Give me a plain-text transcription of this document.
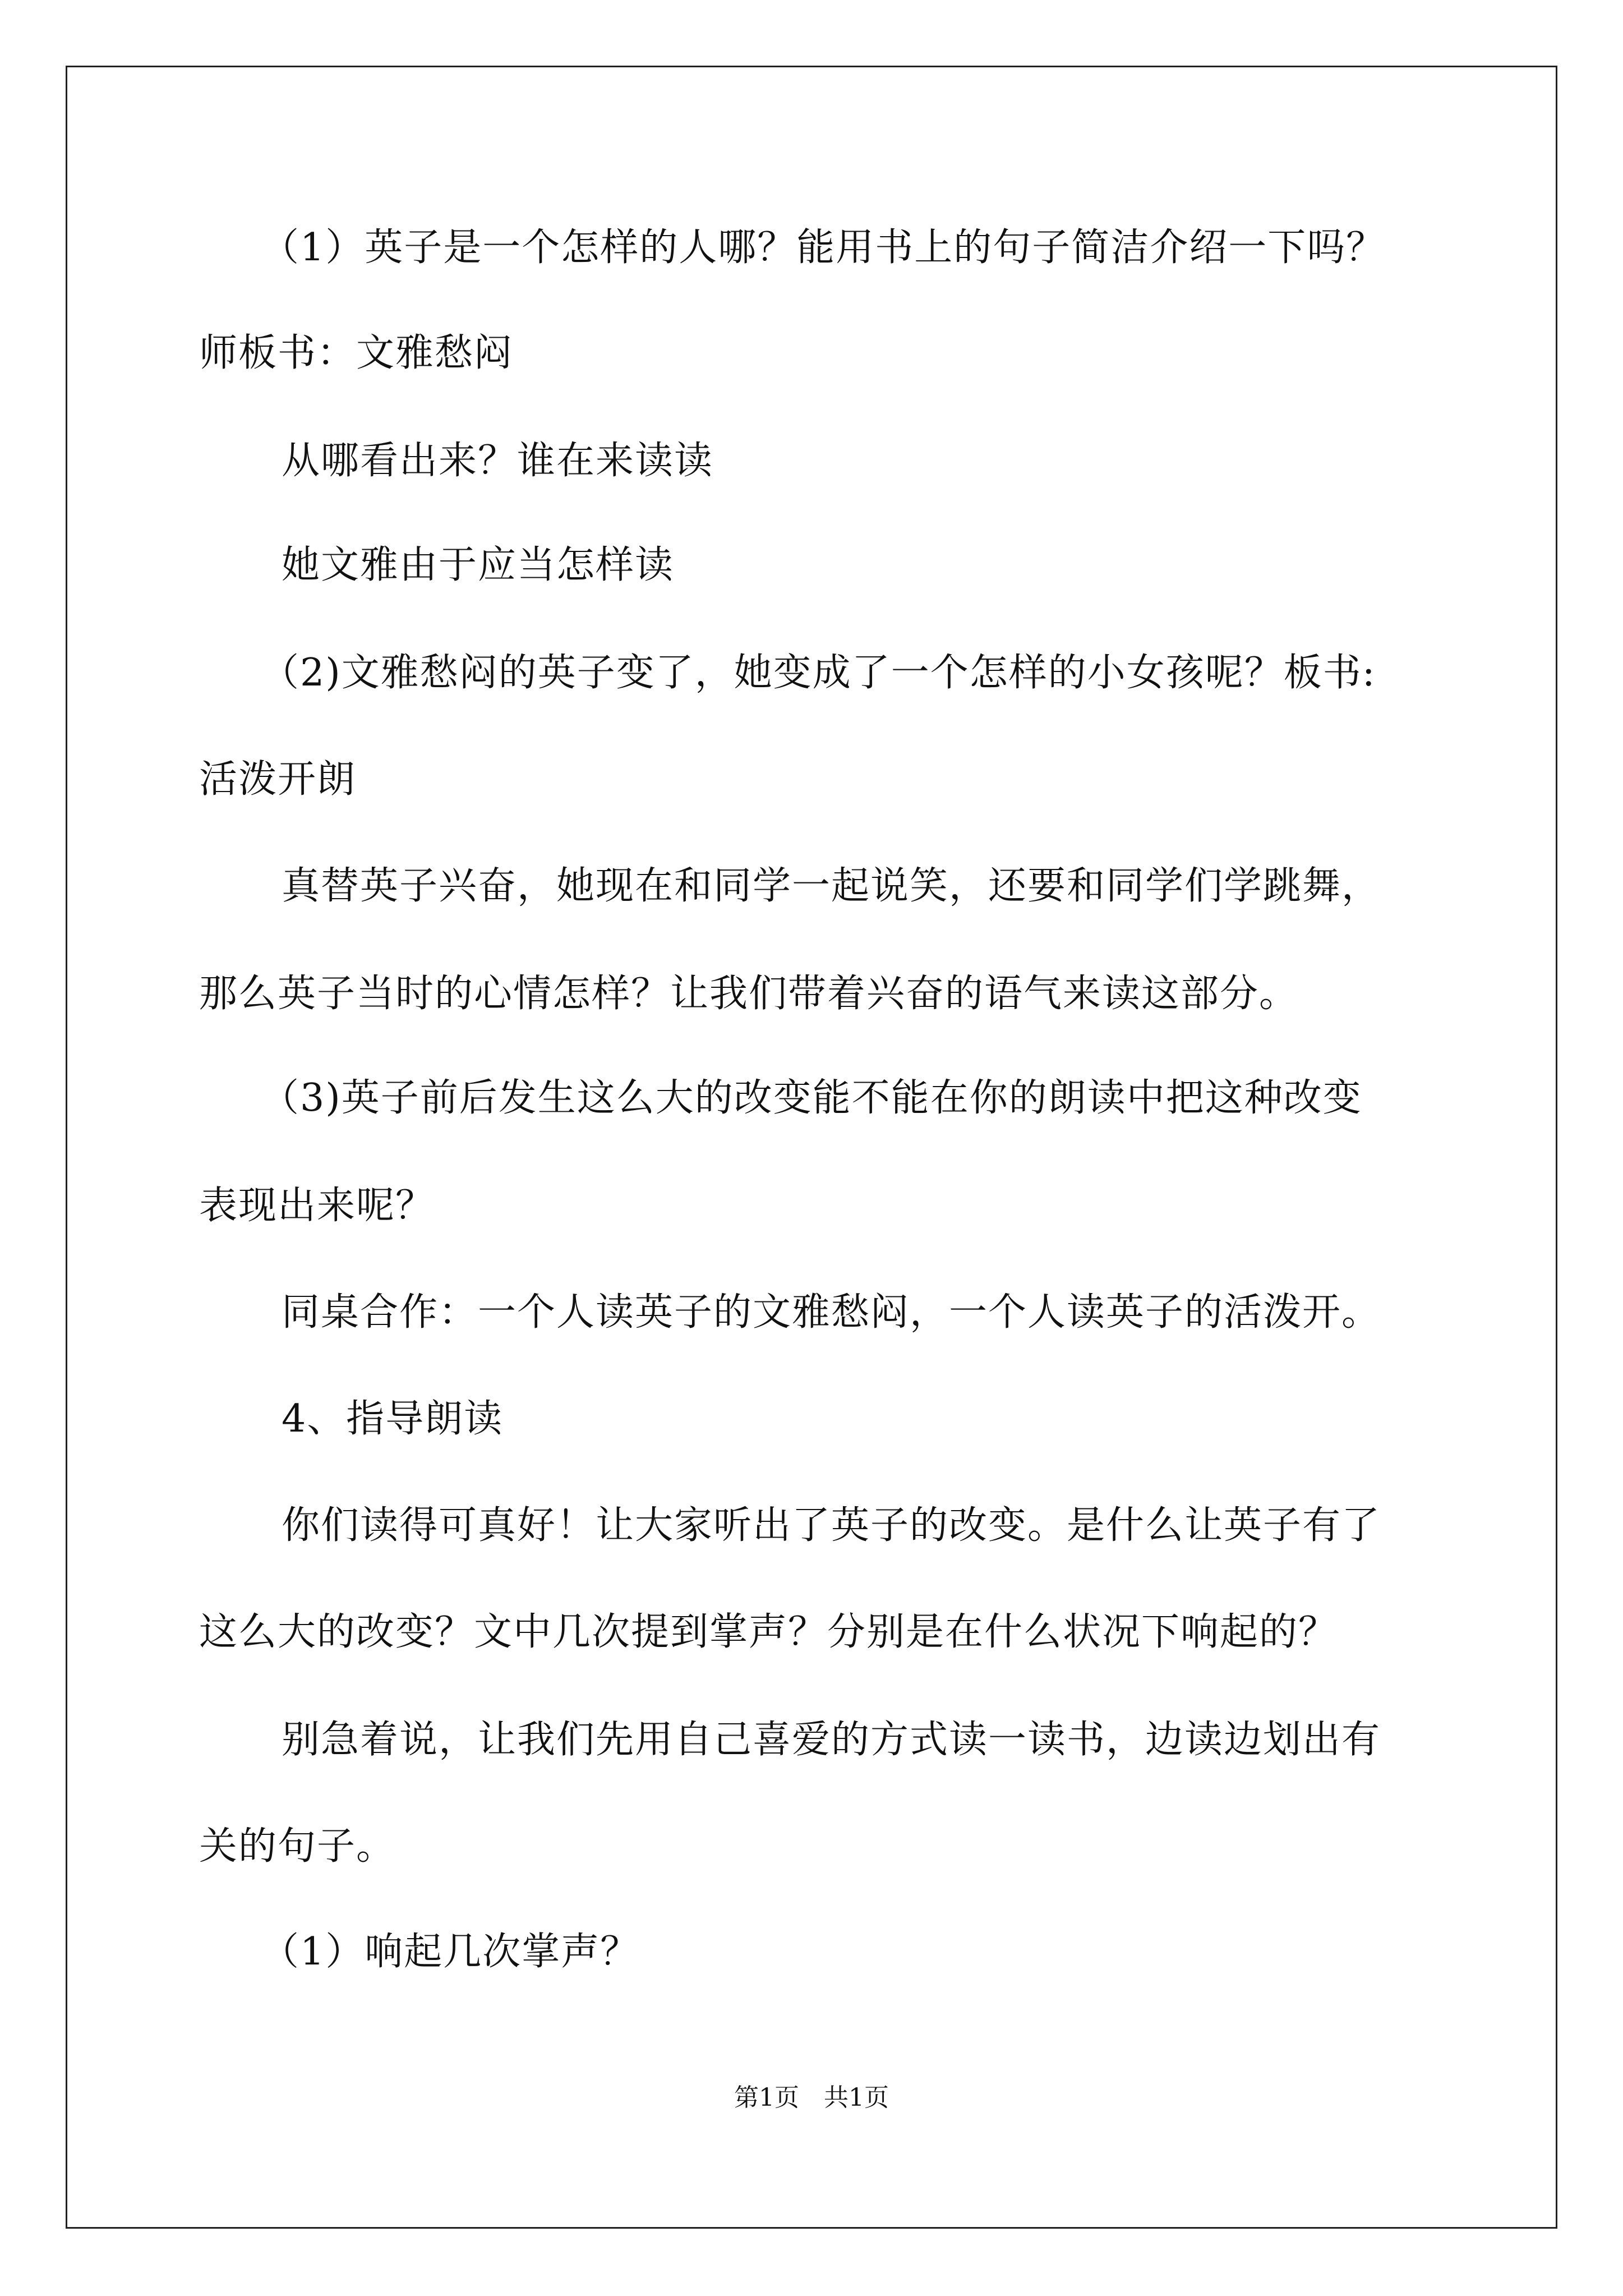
（1）英子是一个怎样的人哪？能用书上的句子简洁介绍一下吗？
师板书：文雅愁闷
从哪看出来？谁在来读读
她文雅由于应当怎样读
（2)文雅愁闷的英子变了，她变成了一个怎样的小女孩呢？板书:
活泼开朗
真替英子兴奋，她现在和同学一起说笑，还要和同学们学跳舞，
那么英子当时的心情怎样？让我们带着兴奋的语气来读这部分。
（3)英子前后发生这么大的改变能不能在你的朗读中把这种改变
表现出来呢？
同桌合作：一个人读英子的文雅愁闷，一个人读英子的活泼开。
4、指导朗读
你们读得可真好！让大家听出了英子的改变。是什么让英子有了
这么大的改变？文中几次提到掌声？分别是在什么状况下响起的？
别急着说，让我们先用自己喜爱的方式读一读书，边读边划出有
关的句子。
（1）响起几次掌声？
第1页　共1页
